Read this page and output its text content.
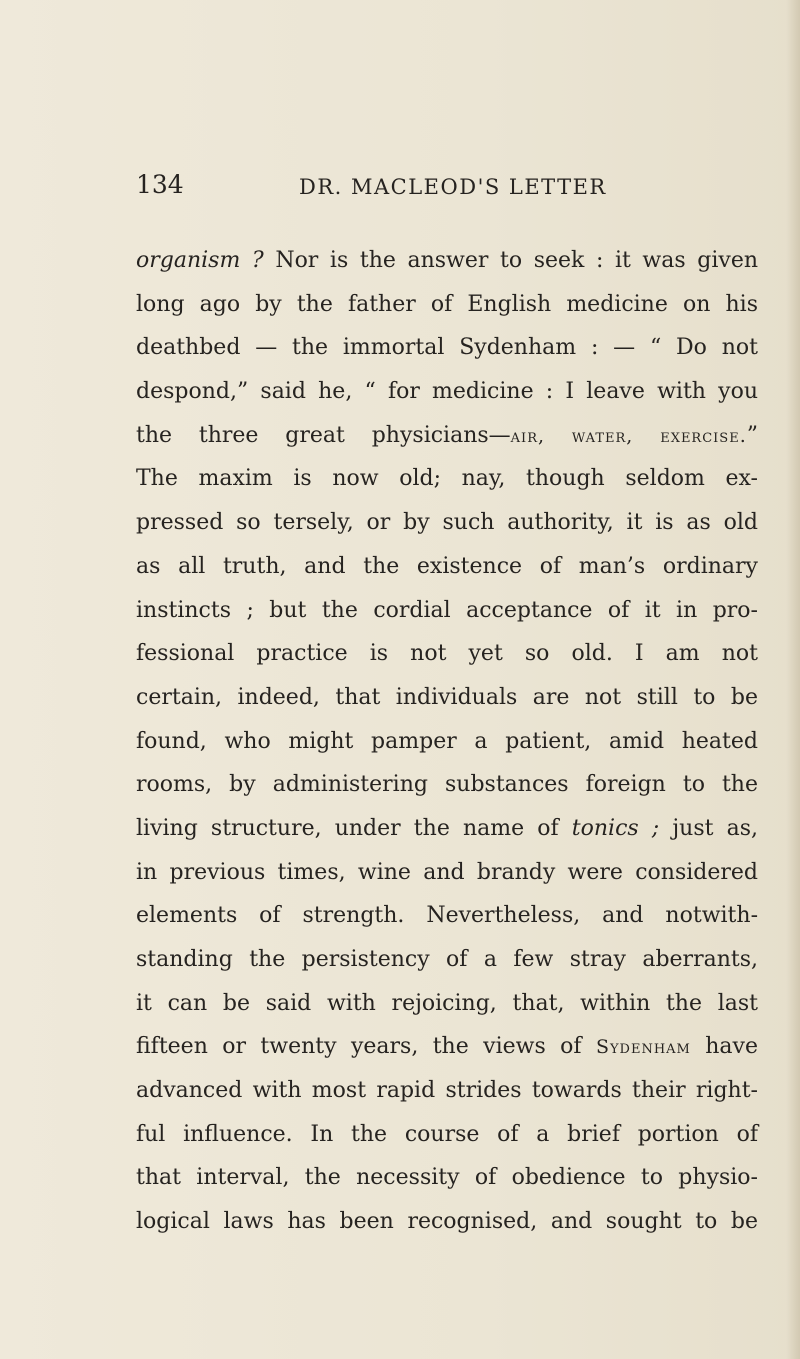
134	DR. MACLEOD'S LETTER
organism ? Nor is the answer to seek : it was given
long ago by the father of English medicine on his
deathbed — the immortal Sydenham : — “ Do not
despond,” said he, “ for medicine : I leave with you
the three great physicians—air, water, exercise.”
The maxim is now old; nay, though seldom ex-
pressed so tersely, or by such authority, it is as old
as all truth, and the existence of man’s ordinary
instincts ; but the cordial acceptance of it in pro-
fessional practice is not yet so old. I am not
certain, indeed, that individuals are not still to be
found, who might pamper a patient, amid heated
rooms, by administering substances foreign to the
living structure, under the name of tonics ; just as,
in previous times, wine and brandy were considered
elements of strength. Nevertheless, and notwith-
standing the persistency of a few stray aberrants,
it can be said with rejoicing, that, within the last
fifteen or twenty years, the views of Sydenham have
advanced with most rapid strides towards their right-
ful influence. In the course of a brief portion of
that interval, the necessity of obedience to physio-
logical laws has been recognised, and sought to be
